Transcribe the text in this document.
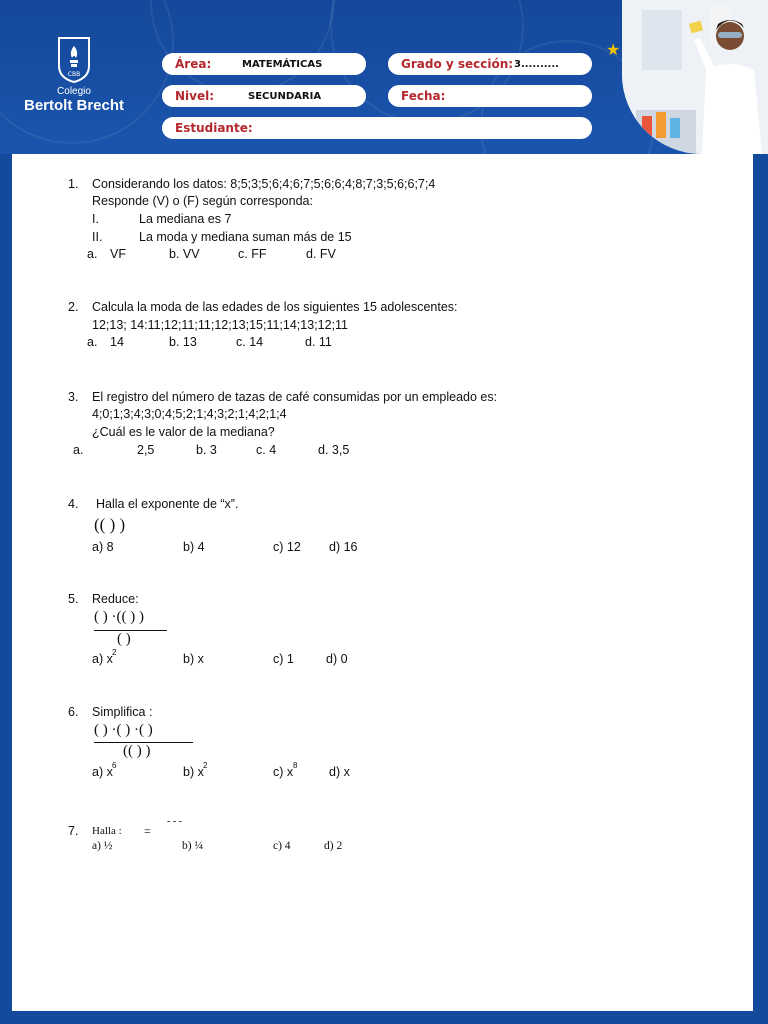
CBB
Colegio
Bertolt Brecht
Área:	MATEMÁTICAS	Grado y sección: 3..........
Nivel:	SECUNDARIA	Fecha:
Estudiante:
★
1. Considerando los datos: 8;5;3;5;6;4;6;7;5;6;6;4;8;7;3;5;6;6;7;4
Responde (V) o (F) según corresponda:
I.	La mediana es 7
II.	La moda y mediana suman más de 15
a. VF	b. VV	c. FF	d. FV
2. Calcula la moda de las edades de los siguientes 15 adolescentes:
12;13; 14:11;12;11;11;12;13;15;11;14;13;12;11
a. 14	b. 13	c. 14	d. 11
3. El registro del número de tazas de café consumidas por un empleado es:
4;0;1;3;4;3;0;4;5;2;1;4;3;2;1;4;2;1;4
¿Cuál es le valor de la mediana?
a.	2,5	b. 3	c. 4	d. 3,5
4. Halla el exponente de “x”.
(( ) )
a) 8	b) 4	c) 12 d) 16
5. Reduce:
( ) ·(( ) )
( )
a) x 2	b) x	c) 1	d) 0
6. Simplifica :
( ) ·( ) ·( )
(( ) )
a) x 6	b) x 2	c) x 8	d) x
7. Halla : =
- - -
a) ½	b) ¼	c) 4	d) 2
